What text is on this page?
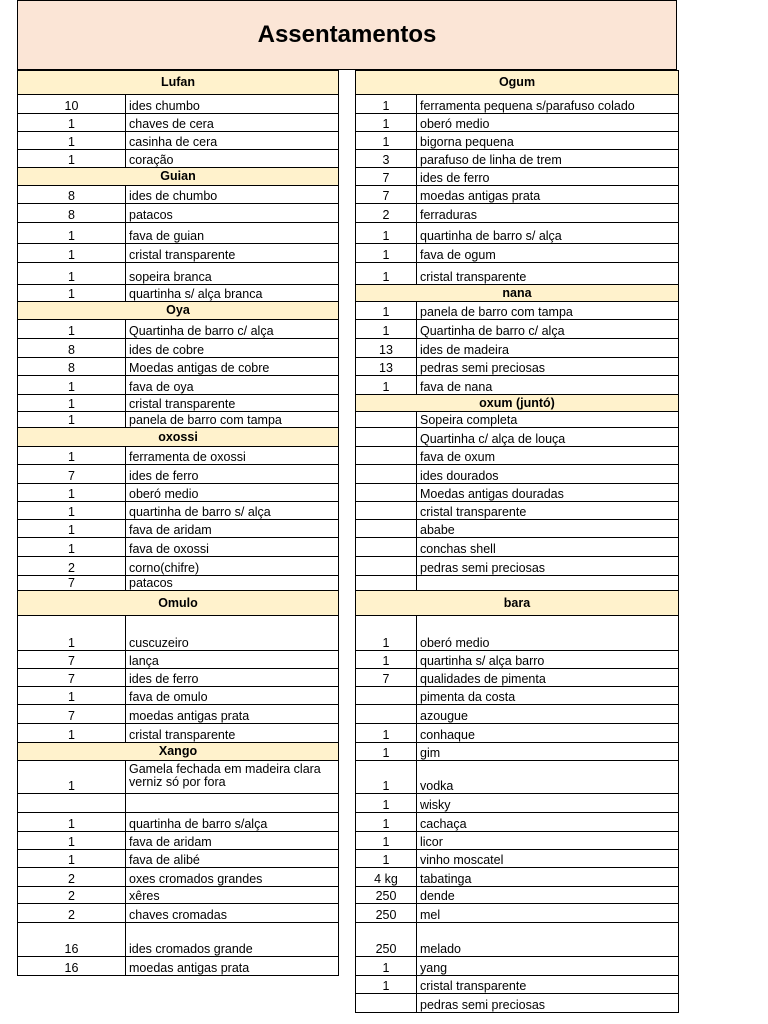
Assentamentos
Lufan	
10	ides chumbo
1	chaves de cera
1	casinha de cera
1	coração
Guian	
8	ides de chumbo
8	patacos
1	fava de guian
1	cristal transparente
1	sopeira branca
1	quartinha s/ alça branca
Oya	
1	Quartinha de barro c/ alça
8	ides de cobre
8	Moedas antigas de cobre
1	fava de oya
1	cristal transparente
1	panela de barro com tampa
oxossi	
1	ferramenta de oxossi
7	ides de ferro
1	oberó medio
1	quartinha de barro s/ alça
1	fava de aridam
1	fava de oxossi
2	corno(chifre)
7	patacos
Omulo	
1	cuscuzeiro
7	lança
7	ides de ferro
1	fava de omulo
7	moedas antigas prata
1	cristal transparente
Xango	
1	Gamela fechada em madeira clara verniz só por fora

1	quartinha de barro s/alça
1	fava de aridam
1	fava de alibé
2	oxes cromados grandes
2	xêres
2	chaves cromadas
16	ides cromados grande
16	moedas antigas prata
Ogum	
1	ferramenta pequena s/parafuso colado
1	oberó medio
1	bigorna pequena
3	parafuso de linha de trem
7	ides de ferro
7	moedas antigas prata
2	ferraduras
1	quartinha de barro s/ alça
1	fava de ogum
1	cristal transparente
nana	
1	panela de barro com tampa
1	Quartinha de barro c/ alça
13	ides de madeira
13	pedras semi preciosas
1	fava de nana
oxum (juntó)	
	Sopeira completa
	Quartinha c/ alça de louça
	fava de oxum
	ides dourados
	Moedas antigas douradas
	cristal transparente
	ababe
	conchas shell
	pedras semi preciosas

bara	
1	oberó medio
1	quartinha s/ alça barro
7	qualidades de pimenta
	pimenta da costa
	azougue
1	conhaque
1	gim
1	vodka
1	wisky
1	cachaça
1	licor
1	vinho moscatel
4 kg	tabatinga
250	dende
250	mel
250	melado
1	yang
1	cristal transparente
	pedras semi preciosas
